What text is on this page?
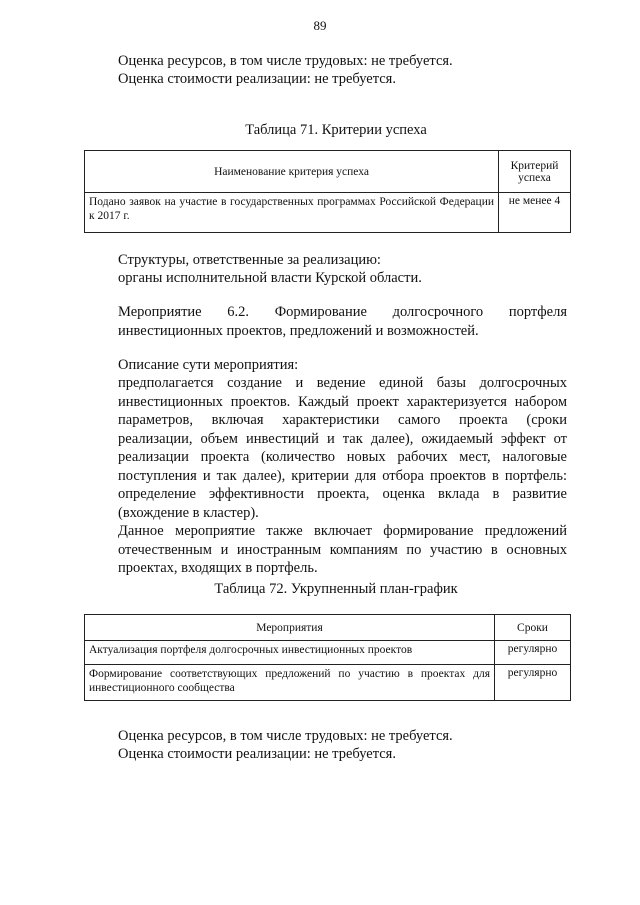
89
Оценка ресурсов, в том числе трудовых: не требуется.
Оценка стоимости реализации: не требуется.
Таблица 71. Критерии успеха
Наименование критерия успеха	Критерий успеха
Подано заявок на участие в государственных программах Российской Федерации к 2017 г.	не менее 4
Структуры, ответственные за реализацию:
органы исполнительной власти Курской области.

Мероприятие 6.2. Формирование долгосрочного портфеля инвестиционных проектов, предложений и возможностей.

Описание сути мероприятия:

предполагается создание и ведение единой базы долгосрочных инвестиционных проектов. Каждый проект характеризуется набором параметров, включая характеристики самого проекта (сроки реализации, объем инвестиций и так далее), ожидаемый эффект от реализации проекта (количество новых рабочих мест, налоговые поступления и так далее), критерии для отбора проектов в портфель: определение эффективности проекта, оценка вклада в развитие (вхождение в кластер).

Данное мероприятие также включает формирование предложений отечественным и иностранным компаниям по участию в основных проектах, входящих в портфель.

Таблица 72. Укрупненный план-график
Мероприятия	Сроки
Актуализация портфеля долгосрочных инвестиционных проектов	регулярно
Формирование соответствующих предложений по участию в проектах для инвестиционного сообщества	регулярно
Оценка ресурсов, в том числе трудовых: не требуется.
Оценка стоимости реализации: не требуется.
